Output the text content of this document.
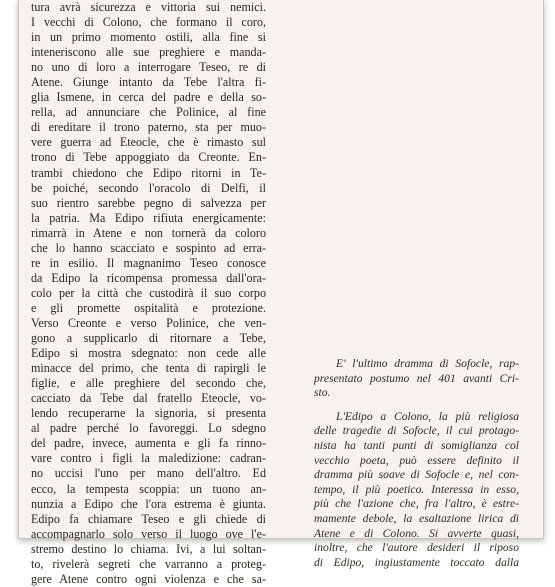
tura avrà sicurezza e vittoria sui nemici.
I vecchi di Colono, che formano il coro,
in un primo momento ostili, alla fine si
inteneriscono alle sue preghiere e manda-
no uno di loro a interrogare Teseo, re di
Atene. Giunge intanto da Tebe l'altra fi-
glia Ismene, in cerca del padre e della so-
rella, ad annunciare che Polinice, al fine
di ereditare il trono paterno, sta per muo-
vere guerra ad Eteocle, che è rimasto sul
trono di Tebe appoggiato da Creonte. En-
trambi chiedono che Edipo ritorni in Te-
be poiché, secondo l'oracolo di Delfi, il
suo rientro sarebbe pegno di salvezza per
la patria. Ma Edipo rifiuta energicamente:
rimarrà in Atene e non tornerà da coloro
che lo hanno scacciato e sospinto ad erra-
re in esilio. Il magnanimo Teseo conosce
da Edipo la ricompensa promessa dall'ora-
colo per la città che custodirà il suo corpo
e gli promette ospitalità e protezione.
Verso Creonte e verso Polinice, che ven-
gono a supplicarlo di ritornare a Tebe,
Edipo si mostra sdegnato: non cede alle
minacce del primo, che tenta di rapirgli le
figlie, e alle preghiere del secondo che,
cacciato da Tebe dal fratello Eteocle, vo-
lendo recuperarne la signoria, si presenta
al padre perché lo favoreggi. Lo sdegno
del padre, invece, aumenta e gli fa rinno-
vare contro i figli la maledizione: cadran-
no uccisi l'uno per mano dell'altro. Ed
ecco, la tempesta scoppia: un tuono an-
nunzia a Edipo che l'ora estrema è giunta.
Edipo fa chiamare Teseo e gli chiede di
accompagnarlo solo verso il luogo ove l'e-
stremo destino lo chiama. Ivi, a lui soltan-
to, rivelerà segreti che varranno a proteg-
gere Atene contro ogni violenza e che sa-
E' l'ultimo dramma di Sofocle, rap-
presentato postumo nel 401 avanti Cri-
sto.
L'Edipo a Colono, la più religiosa
delle tragedie di Sofocle, il cui protago-
nista ha tanti punti di somiglianza col
vecchio poeta, può essere definito il
dramma più soave di Sofocle e, nel con-
tempo, il più poetico. Interessa in esso,
più che l'azione che, fra l'altro, è estre-
mamente debole, la esaltazione lirica di
Atene e di Colono. Si avverte quasi,
inoltre, che l'autore desideri il riposo
di Edipo, ingiustamente toccato dalla
